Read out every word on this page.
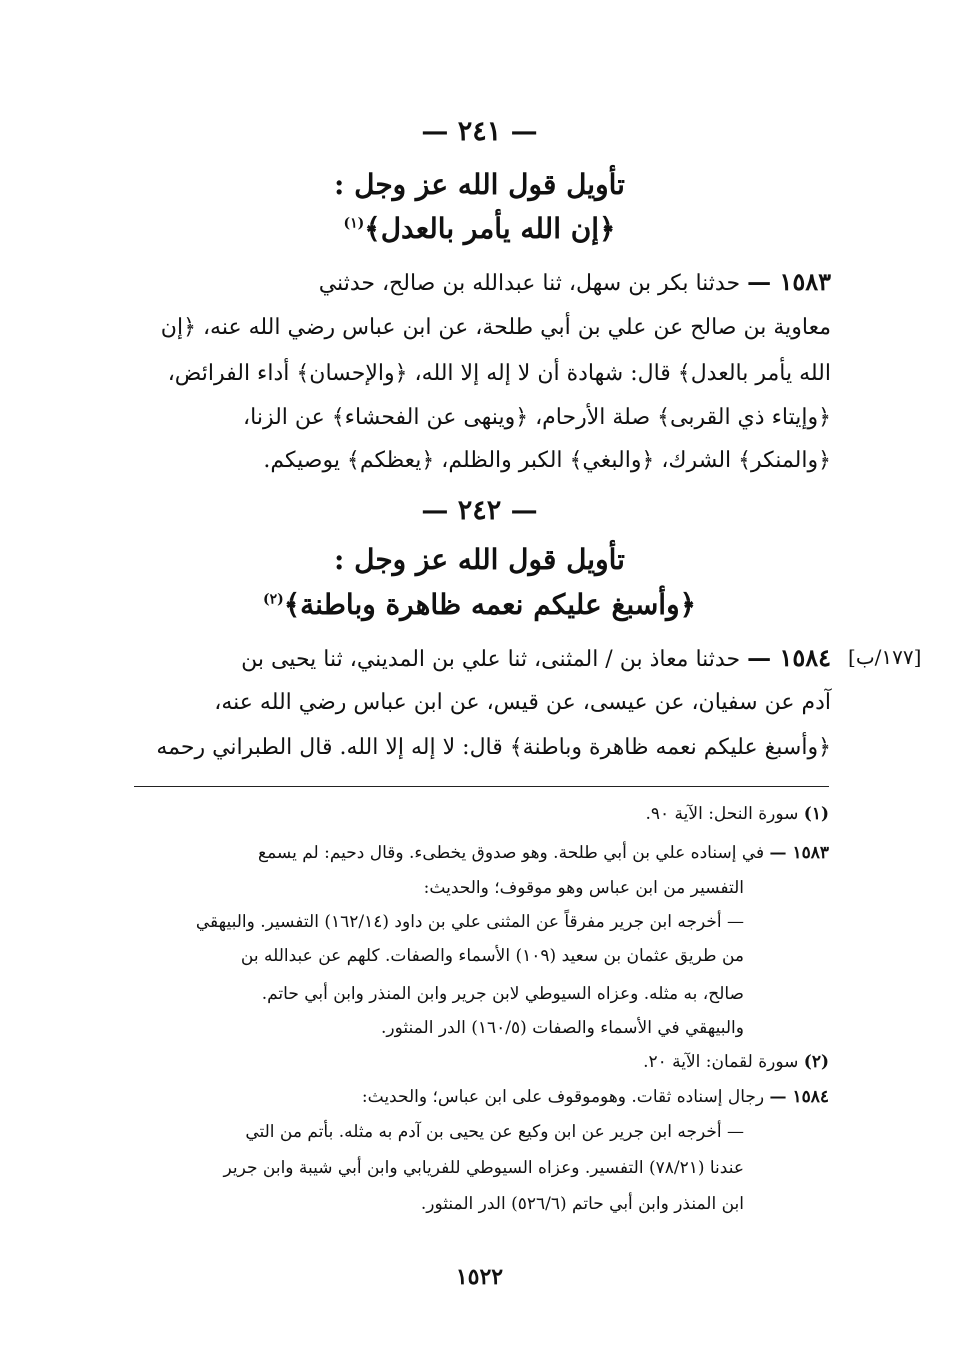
— ٢٤١ —
تأويل قول الله عز وجل :
﴿إن الله يأمر بالعدل﴾$^{(١)}$
١٥٨٣ — حدثنا بكر بن سهل، ثنا عبدالله بن صالح، حدثني
معاوية بن صالح عن علي بن أبي طلحة، عن ابن عباس رضي الله عنه، ﴿إن
الله يأمر بالعدل﴾ قال: شهادة أن لا إله إلا الله، ﴿والإحسان﴾ أداء الفرائض،
﴿وإيتاء ذي القربى﴾ صلة الأرحام، ﴿وينهى عن الفحشاء﴾ عن الزنا،
﴿والمنكر﴾ الشرك، ﴿والبغي﴾ الكبر والظلم، ﴿يعظكم﴾ يوصيكم.
— ٢٤٢ —
تأويل قول الله عز وجل :
﴿وأسبغ عليكم نعمه ظاهرة وباطنة﴾$^{(٢)}$
[١٧٧/ب]
١٥٨٤ — حدثنا معاذ بن / المثنى، ثنا علي بن المديني، ثنا يحيى بن
آدم عن سفيان، عن عيسى، عن قيس، عن ابن عباس رضي الله عنه،
﴿وأسبغ عليكم نعمه ظاهرة وباطنة﴾ قال: لا إله إلا الله. قال الطبراني رحمه
(١) سورة النحل: الآية ٩٠.
١٥٨٣ — في إسناده علي بن أبي طلحة. وهو صدوق يخطىء. وقال دحيم: لم يسمع
التفسير من ابن عباس وهو موقوف؛ والحديث:
— أخرجه ابن جرير مفرقاً عن المثنى علي بن داود (١٦٢/١٤) التفسير. والبيهقي
من طريق عثمان بن سعيد (١٠٩) الأسماء والصفات. كلهم عن عبدالله بن
صالح، به مثله. وعزاه السيوطي لابن جرير وابن المنذر وابن أبي حاتم.
والبيهقي في الأسماء والصفات (١٦٠/٥) الدر المنثور.
(٢) سورة لقمان: الآية ٢٠.
١٥٨٤ — رجال إسناده ثقات. وهوموقوف على ابن عباس؛ والحديث:
— أخرجه ابن جرير عن ابن وكيع عن يحيى بن آدم به مثله. بأتم من التي
عندنا (٧٨/٢١) التفسير. وعزاه السيوطي للفريابي وابن أبي شيبة وابن جرير
ابن المنذر وابن أبي حاتم (٥٢٦/٦) الدر المنثور.
١٥٢٢
